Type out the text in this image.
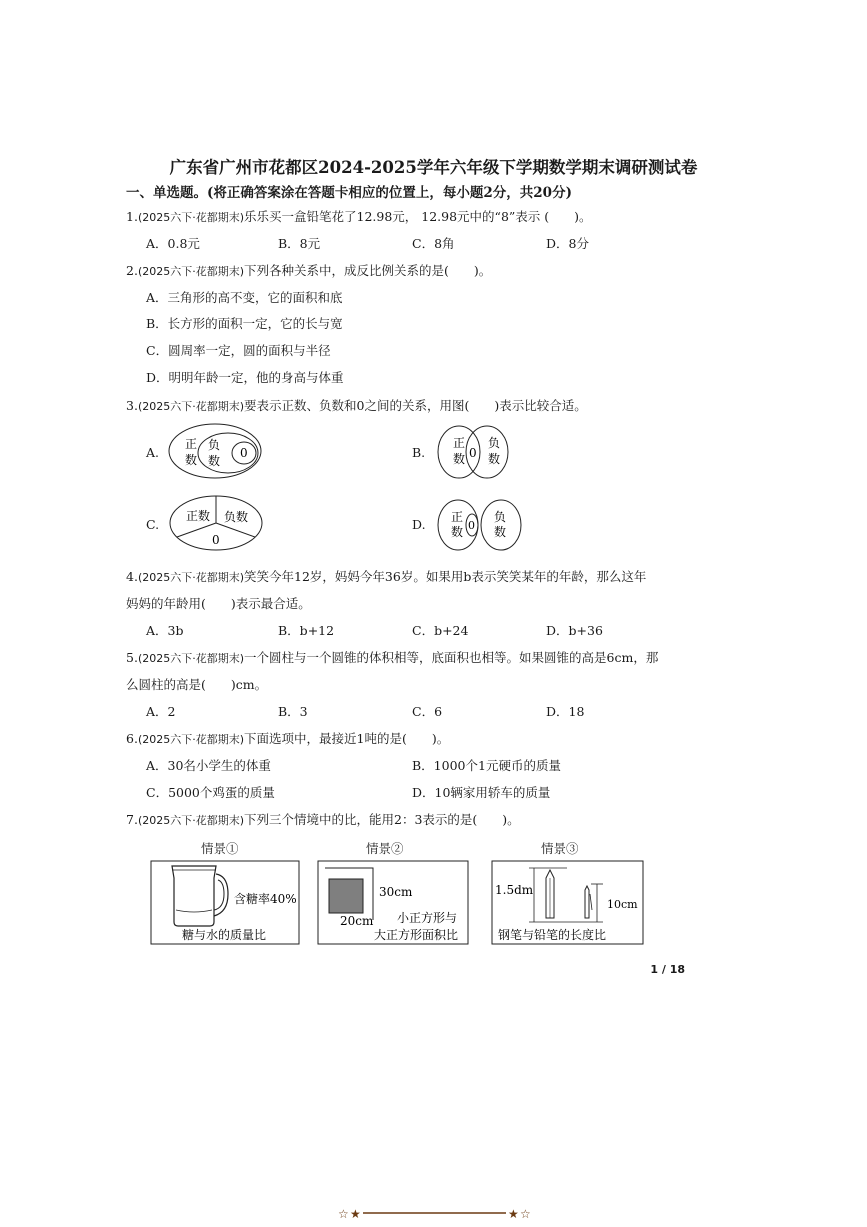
广东省广州市花都区2024-2025学年六年级下学期数学期末调研测试卷
一、单选题。(将正确答案涂在答题卡相应的位置上，每小题2分，共20分)
1.(2025六下·花都期末)乐乐买一盒铅笔花了12.98元， 12.98元中的“8”表示 (　　)。
A．0.8元	B．8元	C．8角	D．8分
2.(2025六下·花都期末)下列各种关系中，成反比例关系的是(　　)。
A．三角形的高不变，它的面积和底
B．长方形的面积一定，它的长与宽
C．圆周率一定，圆的面积与半径
D．明明年龄一定，他的身高与体重
3.(2025六下·花都期末)要表示正数、负数和0之间的关系，用图(　　)表示比较合适。
A.	B.
C.	D.
正
数
负
数
0
正
数 0
负
数
正数 负数
0
正
数 0
负
数
4.(2025六下·花都期末)笑笑今年12岁，妈妈今年36岁。如果用b表示笑笑某年的年龄，那么这年
妈妈的年龄用(　　)表示最合适。
A．3b	B．b+12	C．b+24	D．b+36
5.(2025六下·花都期末)一个圆柱与一个圆锥的体积相等，底面积也相等。如果圆锥的高是6cm，那
么圆柱的高是(　　)cm。
A．2	B．3	C．6	D．18
6.(2025六下·花都期末)下面选项中，最接近1吨的是(　　)。
A．30名小学生的体重	B．1000个1元硬币的质量
C．5000个鸡蛋的质量	D．10辆家用轿车的质量
7.(2025六下·花都期末)下列三个情境中的比，能用2：3表示的是(　　)。
情景①	情景②	情景③
含糖率40%
糖与水的质量比
30cm
20cm 小正方形与
大正方形面积比
1.5dm
10cm
钢笔与铅笔的长度比
1 / 18
☆ ★	★ ☆
